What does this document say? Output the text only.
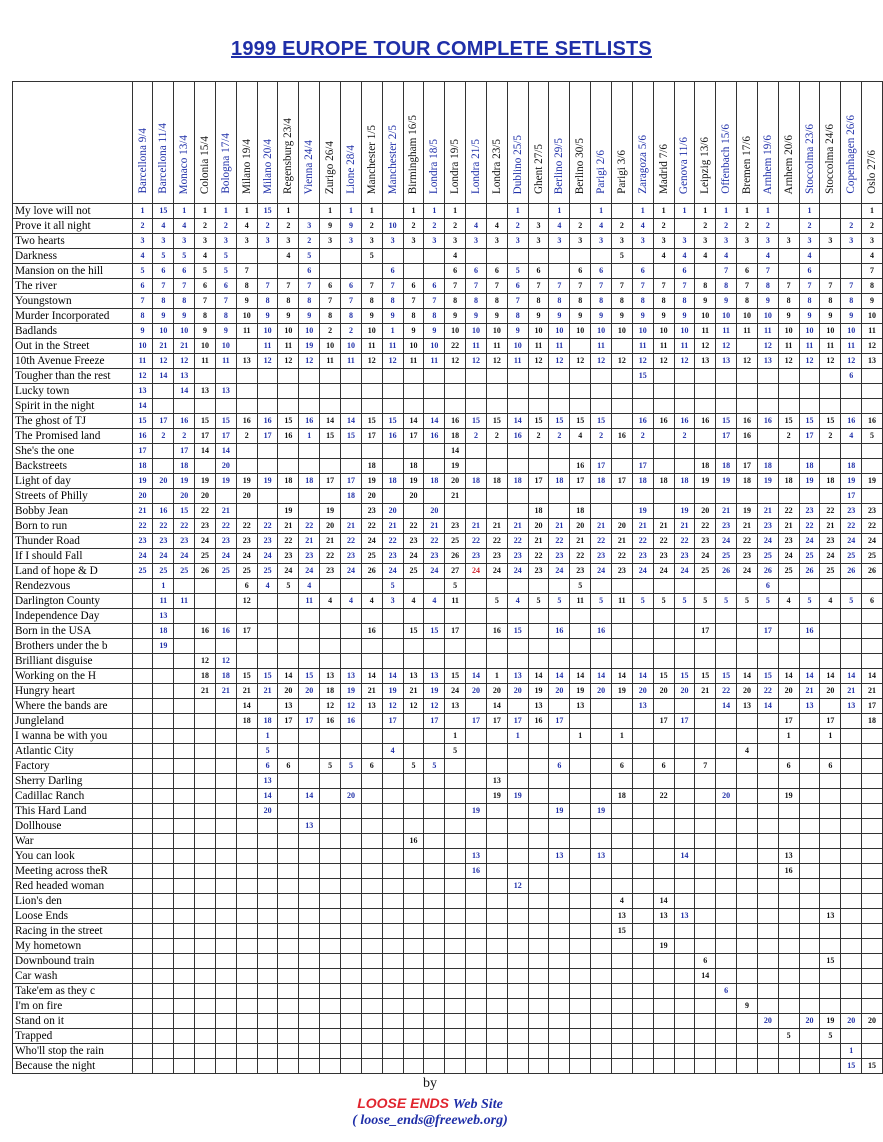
1999 EUROPE TOUR COMPLETE SETLISTS
	Barcellona 9/4	Barcellona 11/4	Monaco 13/4	Colonia 15/4	Bologna 17/4	Milano 19/4	Milano 20/4	Regensburg 23/4	Vienna 24/4	Zurigo 26/4	Lione 28/4	Manchester 1/5	Manchester 2/5	Birmingham 16/5	Londra 18/5	Londra 19/5	Londra 21/5	Londra 23/5	Dublino 25/5	Ghent 27/5	Berlino 29/5	Berlino 30/5	Parigi 2/6	Parigi 3/6	Zaragoza 5/6	Madrid 7/6	Genova 11/6	Leipzig 13/6	Offenbach 15/6	Bremen 17/6	Arnhem 19/6	Arnhem 20/6	Stoccolma 23/6	Stoccolma 24/6	Copenhagen 26/6	Oslo 27/6
My love will not	1	15	1	1	1	1	15	1		1	1	1		1	1	1			1		1		1		1	1	1	1	1	1	1		1			1
Prove it all night	2	4	4	2	2	4	2	2	3	9	9	2	10	2	2	2	4	4	2	3	4	2	4	2	4	2		2	2	2	2		2		2	2
Two hearts	3	3	3	3	3	3	3	3	2	3	3	3	3	3	3	3	3	3	3	3	3	3	3	3	3	3	3	3	3	3	3	3	3	3	3	3
Darkness	4	5	5	4	5			4	5			5				4								5		4	4	4	4		4		4			4
Mansion on the hill	5	6	6	5	5	7			6				6			6	6	6	5	6		6	6		6		6		7	6	7		6			7
The river	6	7	7	6	6	8	7	7	7	6	6	7	7	6	6	7	7	7	6	7	7	7	7	7	7	7	7	8	8	7	8	7	7	7	7	8
Youngstown	7	8	8	7	7	9	8	8	8	7	7	8	8	7	7	8	8	8	7	8	8	8	8	8	8	8	8	9	9	8	9	8	8	8	8	9
Murder Incorporated	8	9	9	8	8	10	9	9	9	8	8	9	9	8	8	9	9	9	8	9	9	9	9	9	9	9	9	10	10	10	10	9	9	9	9	10
Badlands	9	10	10	9	9	11	10	10	10	2	2	10	1	9	9	10	10	10	9	10	10	10	10	10	10	10	10	11	11	11	11	10	10	10	10	11
Out in the Street	10	21	21	10	10		11	11	19	10	10	11	11	10	10	22	11	11	10	11	11		11		11	11	11	12	12		12	11	11	11	11	12
10th Avenue Freeze	11	12	12	11	11	13	12	12	12	11	11	12	12	11	11	12	12	12	11	12	12	12	12	12	12	12	12	13	13	12	13	12	12	12	12	13
Tougher than the rest	12	14	13																						15										6	
Lucky town	13		14	13	13																															
Spirit in the night	14																																			
The ghost of TJ	15	17	16	15	15	16	16	15	16	14	14	15	15	14	14	16	15	15	14	15	15	15	15		16	16	16	16	15	16	16	15	15	15	16	16
The Promised land	16	2	2	17	17	2	17	16	1	15	15	17	16	17	16	18	2	2	16	2	2	4	2	16	2		2		17	16		2	17	2	4	5
She's the one	17		17	14	14											14																				
Backstreets	18		18		20							18		18		19						16	17		17			18	18	17	18		18		18	
Light of day	19	20	19	19	19	19	19	18	18	17	17	19	18	19	18	20	18	18	18	17	18	17	18	17	18	18	18	19	19	18	19	18	19	18	19	19
Streets of Philly	20		20	20		20					18	20		20		21																			17	
Bobby Jean	21	16	15	22	21			19		19		23	20		20					18		18			19		19	20	21	19	21	22	23	22	23	23
Born to run	22	22	22	23	22	22	22	21	22	20	21	22	21	22	21	23	21	21	21	20	21	20	21	20	21	21	21	22	23	21	23	21	22	21	22	22
Thunder Road	23	23	23	24	23	23	23	22	21	21	22	24	22	23	22	25	22	22	22	21	22	21	22	21	22	22	22	23	24	22	24	23	24	23	24	24
If I should Fall	24	24	24	25	24	24	24	23	23	22	23	25	23	24	23	26	23	23	23	22	23	22	23	22	23	23	23	24	25	23	25	24	25	24	25	25
Land of hope & D	25	25	25	26	25	25	25	24	24	23	24	26	24	25	24	27	24	24	24	23	24	23	24	23	24	24	24	25	26	24	26	25	26	25	26	26
Rendezvous		1				6	4	5	4				5			5						5									6					
Darlington County		11	11			12			11	4	4	4	3	4	4	11		5	4	5	5	11	5	11	5	5	5	5	5	5	5	4	5	4	5	6
Independence Day		13																																		
Born in the USA		18		16	16	17						16		15	15	17		16	15		16		16					17			17		16			
Brothers under the b		19																																		
Brilliant disguise				12	12																															
Working on the H				18	18	15	15	14	15	13	13	14	14	13	13	15	14	1	13	14	14	14	14	14	14	15	15	15	15	14	15	14	14	14	14	14
Hungry heart				21	21	21	21	20	20	18	19	21	19	21	19	24	20	20	20	19	20	19	20	19	20	20	20	21	22	20	22	20	21	20	21	21
Where the bands are						14		13		12	12	13	12	12	12	13		14		13		13			13				14	13	14		13		13	17
Jungleland						18	18	17	17	16	16		17		17		17	17	17	16	17					17	17					17		17		18
I wanna be with you							1									1			1			1		1								1		1		
Atlantic City							5						4			5														4						
Factory							6	6		5	5	6		5	5						6			6		6		7				6		6		
Sherry Darling							13											13																		
Cadillac Ranch							14		14		20							19	19					18		22			20			19				
This Hard Land							20										19				19		19													
Dollhouse									13																											
War														16																						
You can look																	13				13		13				14					13				
Meeting across theR																	16															16				
Red headed woman																			12																	
Lion's den																								4		14										
Loose Ends																								13		13	13							13		
Racing in the street																								15												
My hometown																										19										
Downbound train																												6						15		
Car wash																												14								
Take'em as they c																													6							
I'm on fire																														9						
Stand on it																															20		20	19	20	20
Trapped																																5		5		
Who'll stop the rain																																			1	
Because the night																																			15	15
by
LOOSE ENDS Web Site
( loose_ends@freeweb.org)
